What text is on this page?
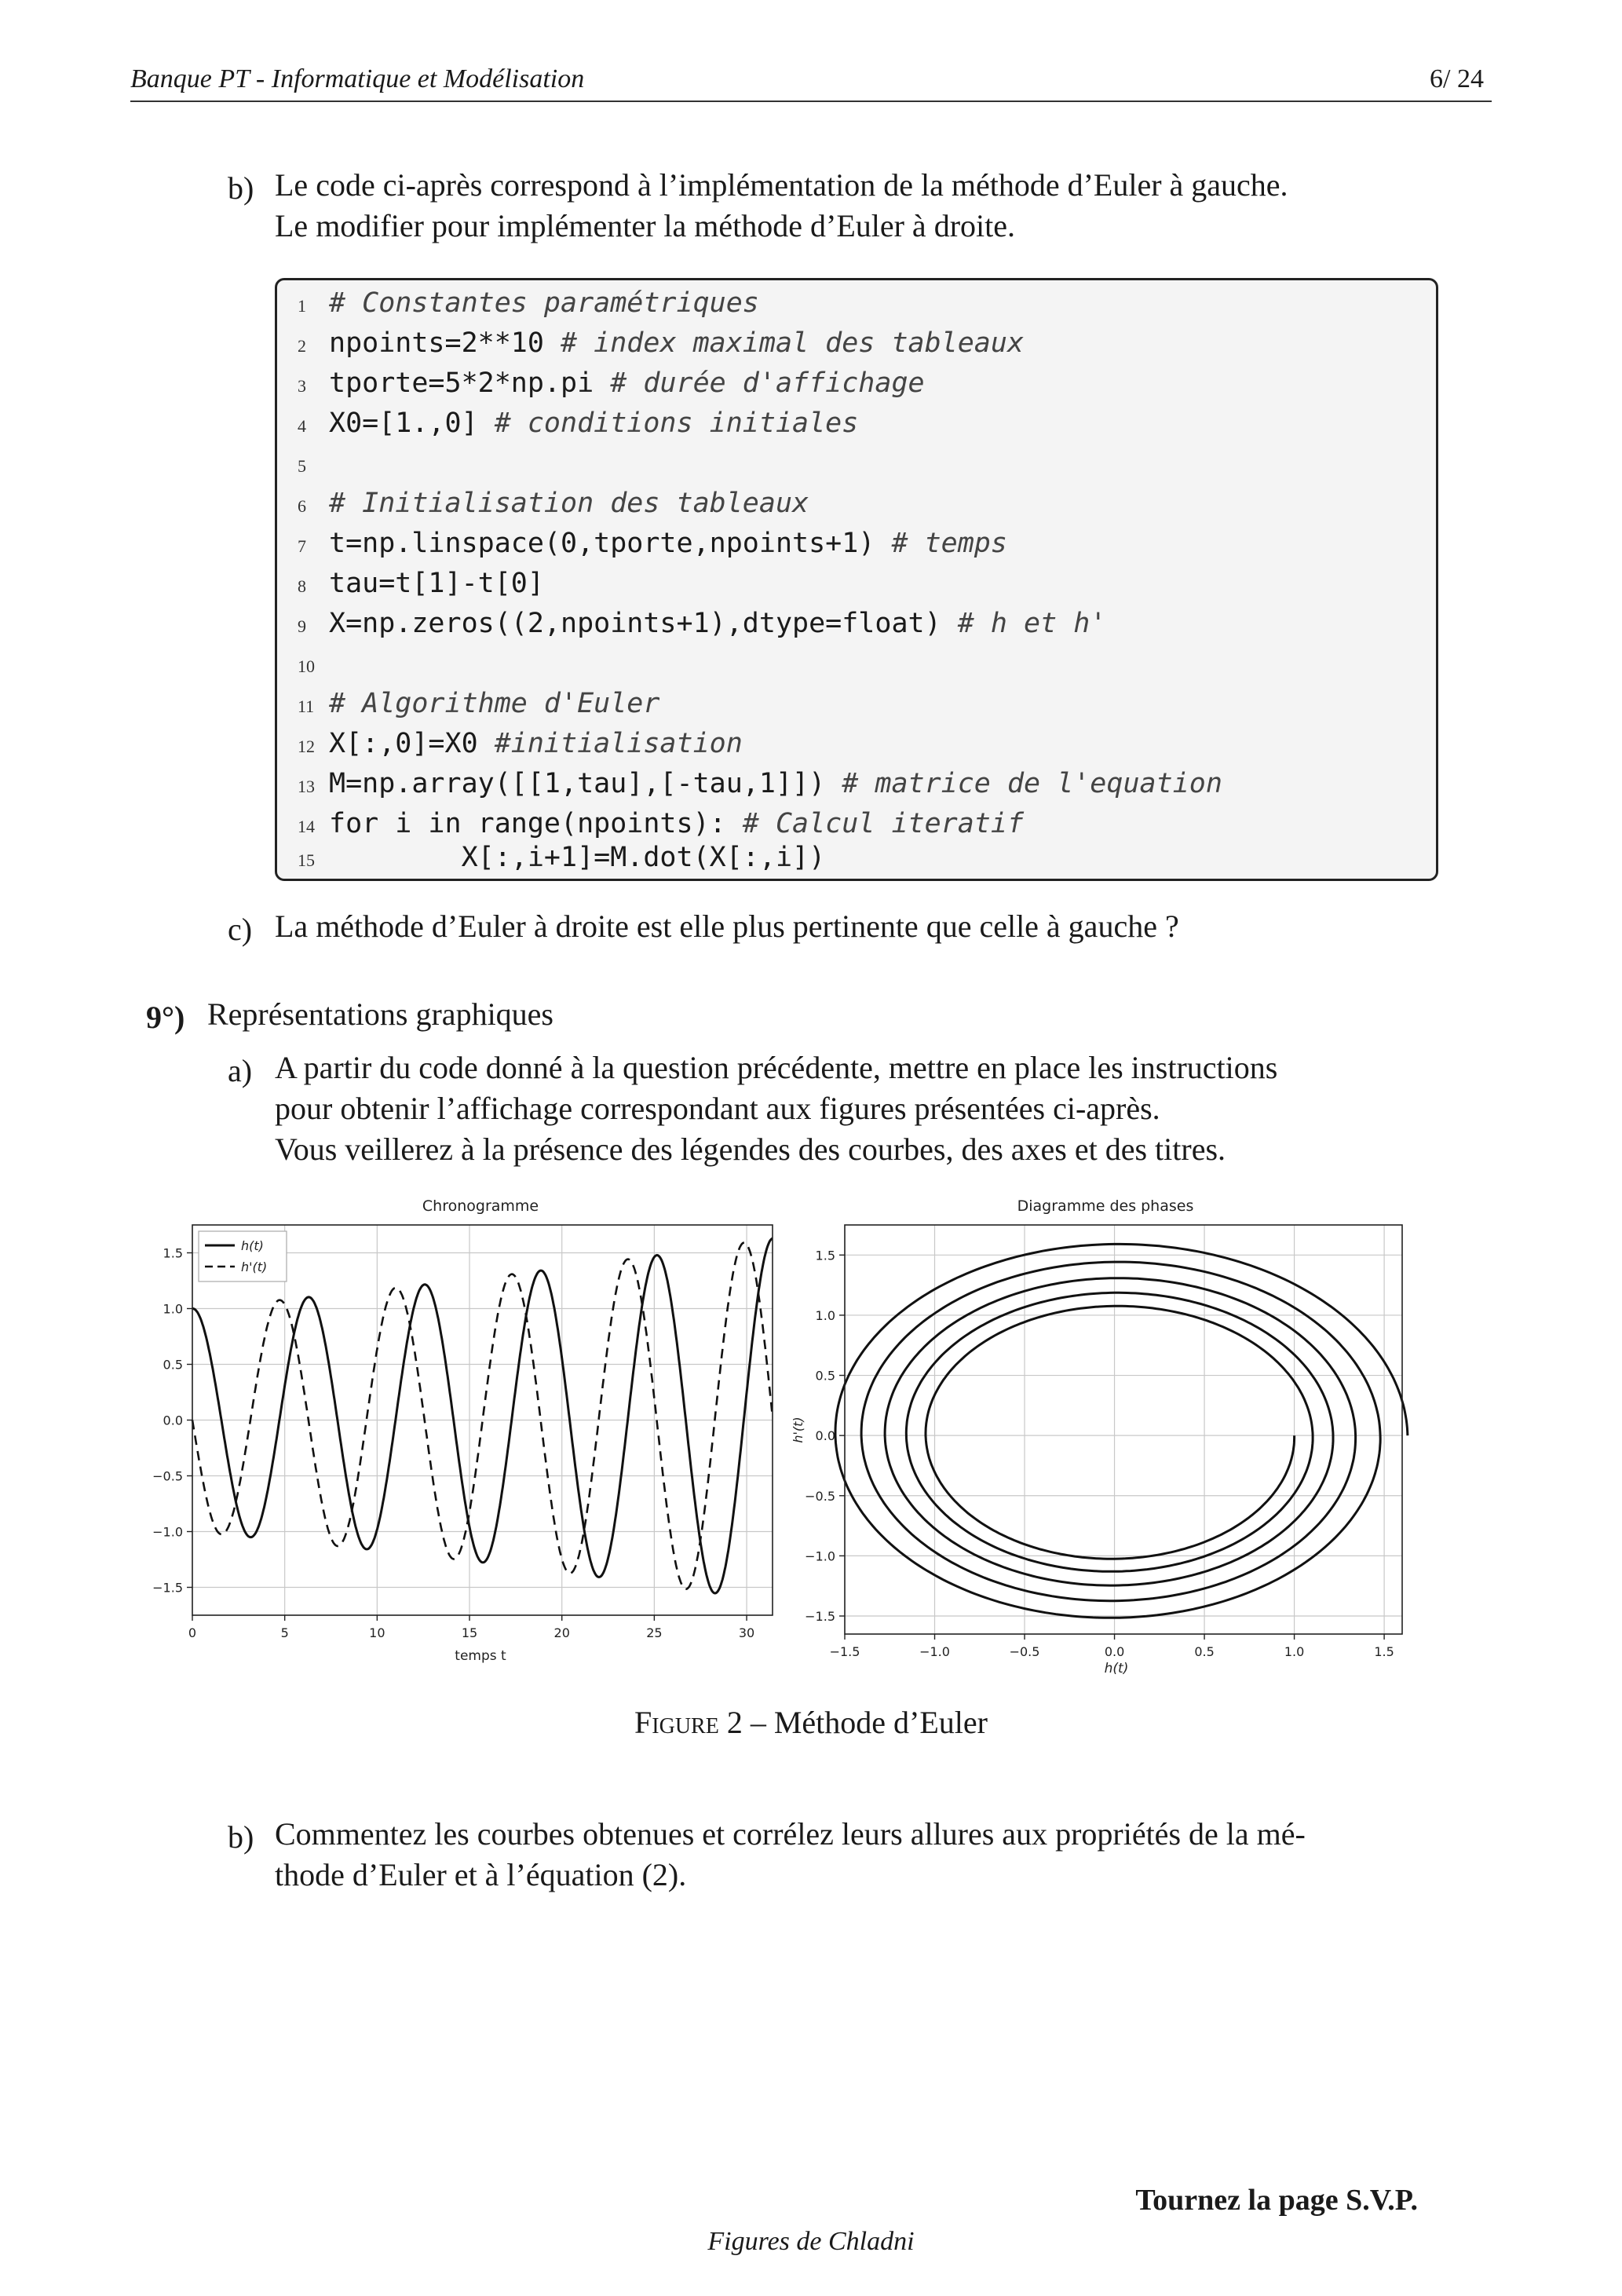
Banque PT - Informatique et Modélisation	6/ 24
b) Le code ci-après correspond à l’implémentation de la méthode d’Euler à gauche.
Le modifier pour implémenter la méthode d’Euler à droite.
1 # Constantes paramétriques
2 npoints=2**10 # index maximal des tableaux
3 tporte=5*2*np.pi # durée d'affichage
4 X0=[1.,0] # conditions initiales
5
6 # Initialisation des tableaux
7 t=np.linspace(0,tporte,npoints+1) # temps
8 tau=t[1]-t[0]
9 X=np.zeros((2,npoints+1),dtype=float) # h et h'
10
11 # Algorithme d'Euler
12 X[:,0]=X0 #initialisation
13 M=np.array([[1,tau],[-tau,1]]) # matrice de l'equation
14 for i in range(npoints): # Calcul iteratif
15        X[:,i+1]=M.dot(X[:,i])
c) La méthode d’Euler à droite est elle plus pertinente que celle à gauche ?
9°) Représentations graphiques
a) A partir du code donné à la question précédente, mettre en place les instructions
pour obtenir l’affichage correspondant aux figures présentées ci-après.
Vous veillerez à la présence des légendes des courbes, des axes et des titres.
Chronogramme
1.5
1.0
0.5
0.0
−0.5
−1.0
−1.5
0	5	10	15	20	25	30
h(t)
h'(t)
temps t
Diagramme des phases
1.5
1.0
0.5
0.0
−0.5
−1.0
−1.5
−1.5	−1.0	−0.5	0.0	0.5	1.0	1.5
h'(t)
h(t)
Figure 2 – Méthode d’Euler
b) Commentez les courbes obtenues et corrélez leurs allures aux propriétés de la mé-
thode d’Euler et à l’équation (2).
Tournez la page S.V.P.
Figures de Chladni
